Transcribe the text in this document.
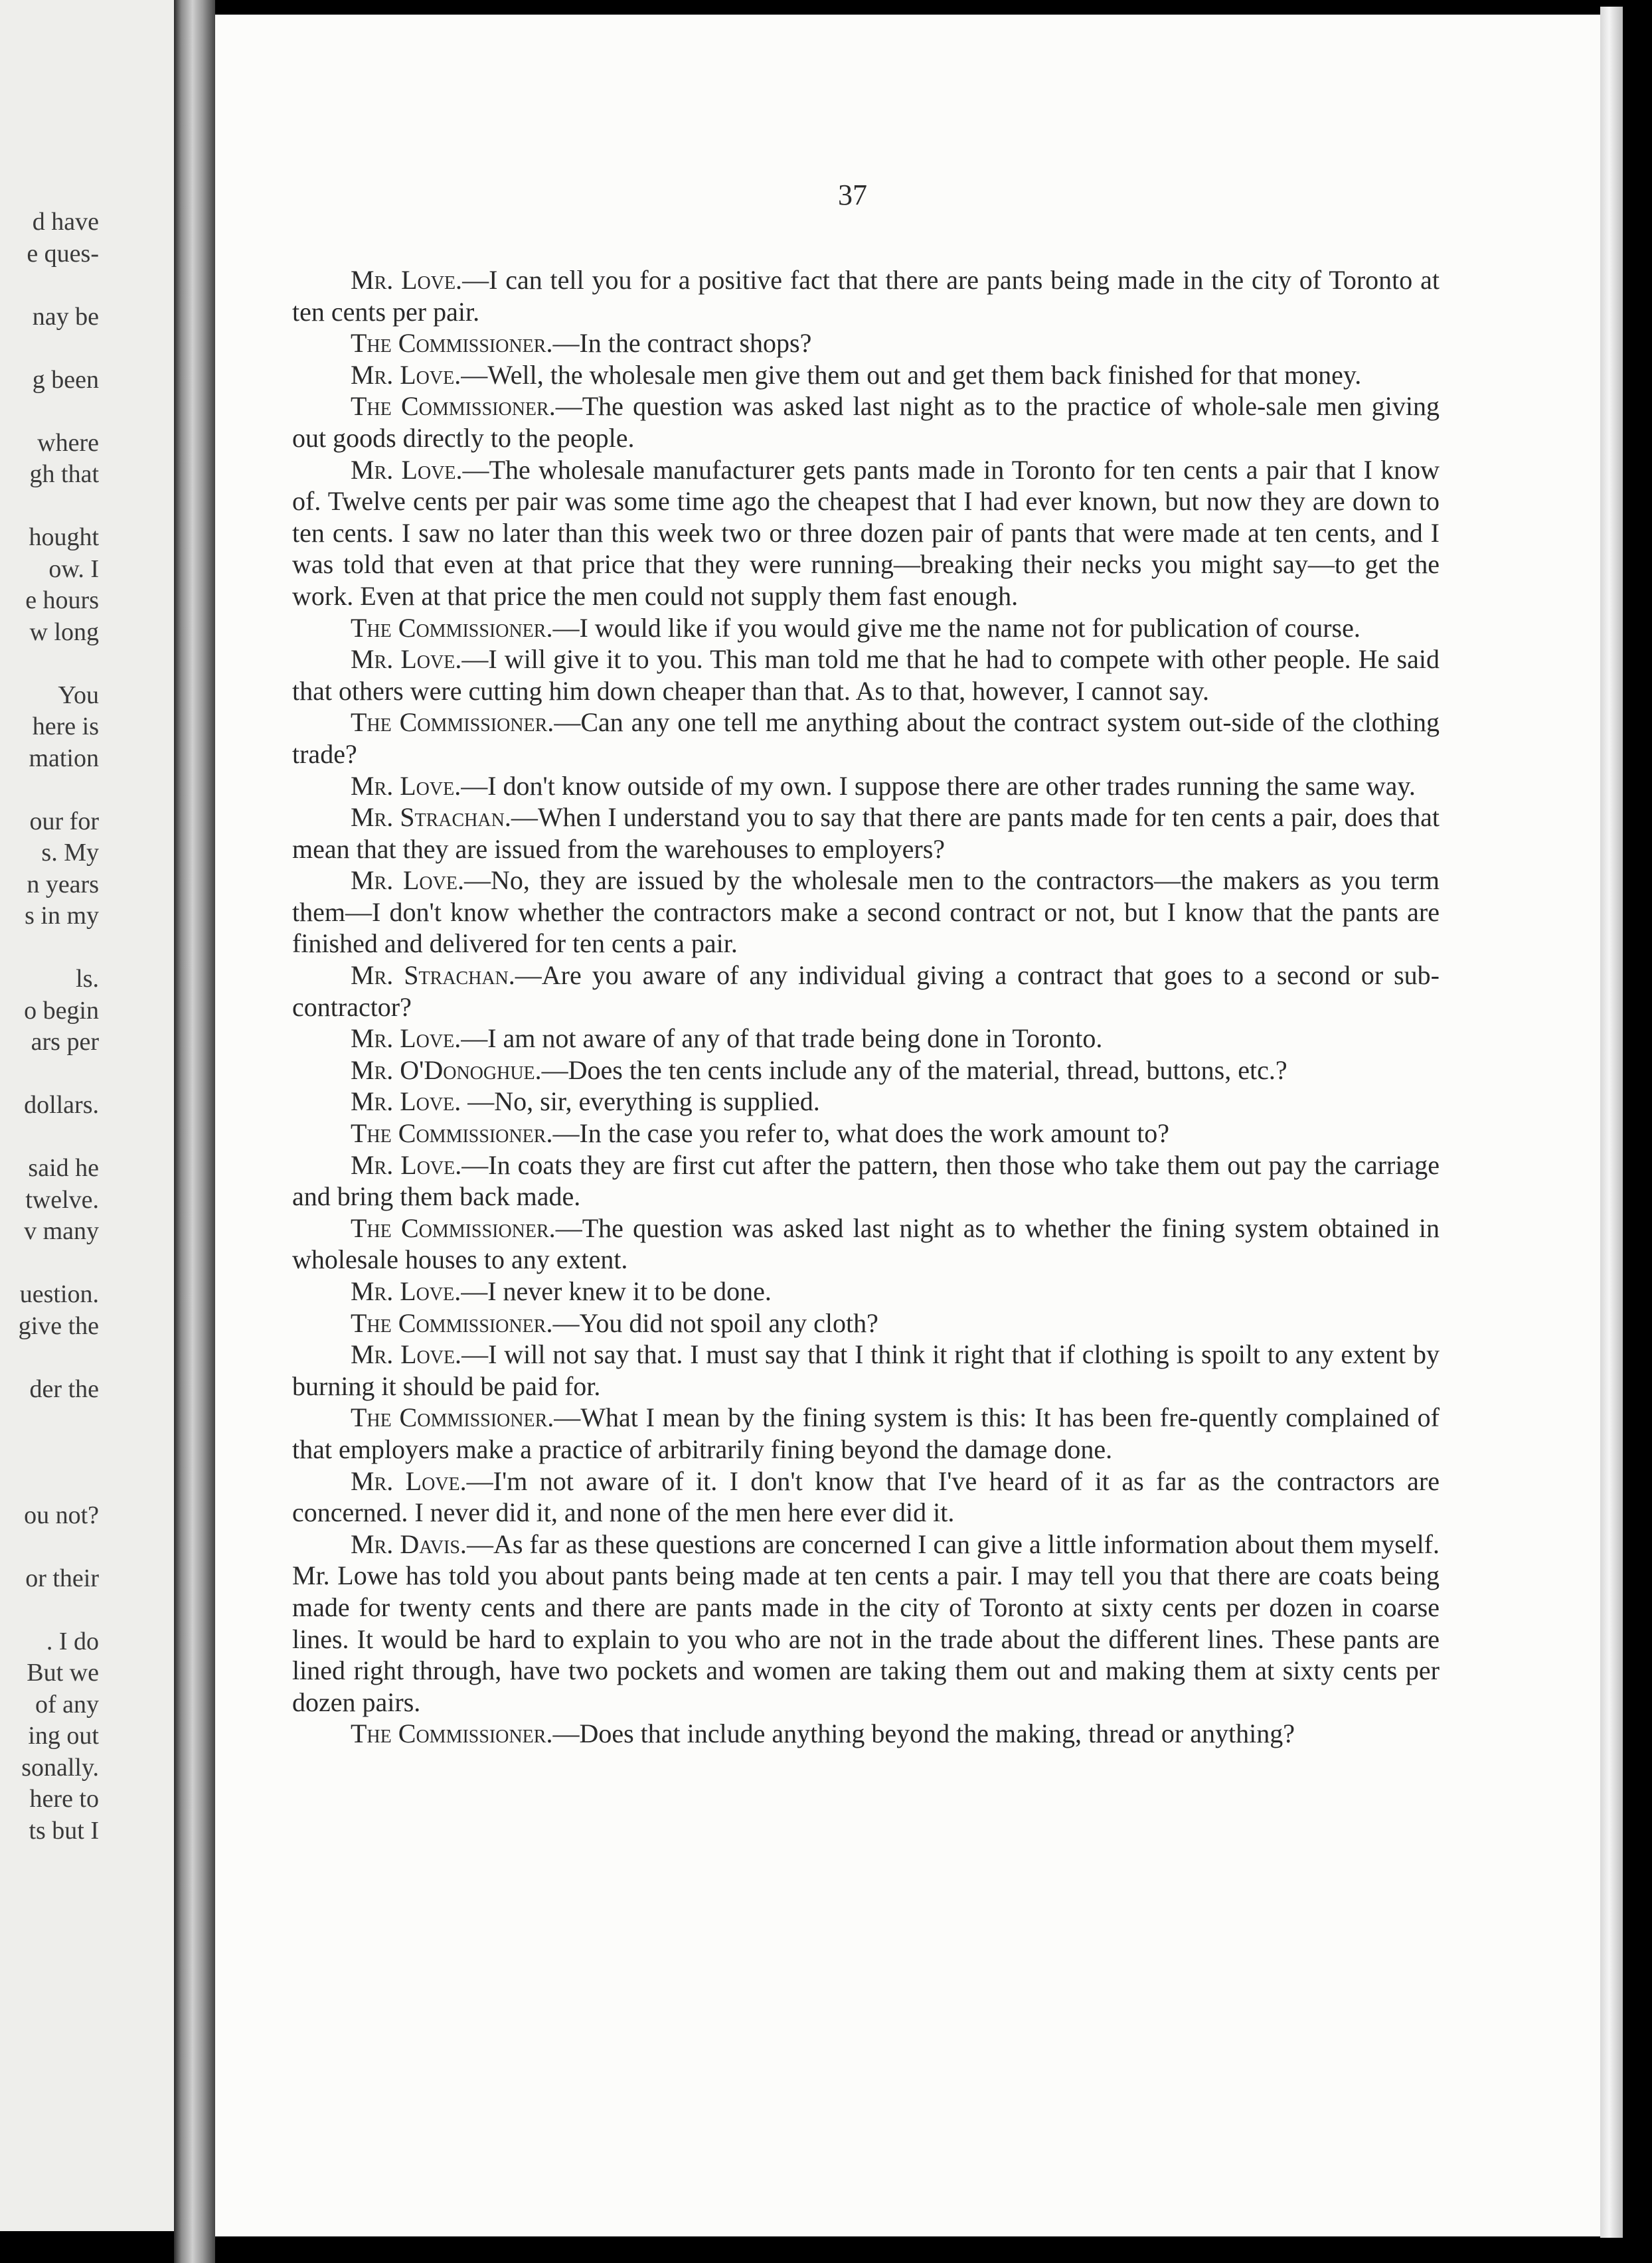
d have
e ques-
nay be
g been
where
gh that
hought
ow. I
e hours
w long
You
here is
mation
our for
s. My
n years
s in my
ls.
o begin
ars per
dollars.
said he
twelve.
v many
uestion.
give the
der the
ou not?
or their
. I do
But we
of any
ing out
sonally.
here to
ts but I
37

Mr. Love.—I can tell you for a positive fact that there are pants being made in the city of Toronto at ten cents per pair.

The Commissioner.—In the contract shops?

Mr. Love.—Well, the wholesale men give them out and get them back finished for that money.

The Commissioner.—The question was asked last night as to the practice of whole-sale men giving out goods directly to the people.

Mr. Love.—The wholesale manufacturer gets pants made in Toronto for ten cents a pair that I know of. Twelve cents per pair was some time ago the cheapest that I had ever known, but now they are down to ten cents. I saw no later than this week two or three dozen pair of pants that were made at ten cents, and I was told that even at that price that they were running—breaking their necks you might say—to get the work. Even at that price the men could not supply them fast enough.

The Commissioner.—I would like if you would give me the name not for publication of course.

Mr. Love.—I will give it to you. This man told me that he had to compete with other people. He said that others were cutting him down cheaper than that. As to that, however, I cannot say.

The Commissioner.—Can any one tell me anything about the contract system out-side of the clothing trade?

Mr. Love.—I don't know outside of my own. I suppose there are other trades running the same way.

Mr. Strachan.—When I understand you to say that there are pants made for ten cents a pair, does that mean that they are issued from the warehouses to employers?

Mr. Love.—No, they are issued by the wholesale men to the contractors—the makers as you term them—I don't know whether the contractors make a second contract or not, but I know that the pants are finished and delivered for ten cents a pair.

Mr. Strachan.—Are you aware of any individual giving a contract that goes to a second or sub-contractor?

Mr. Love.—I am not aware of any of that trade being done in Toronto.

Mr. O'Donoghue.—Does the ten cents include any of the material, thread, buttons, etc.?

Mr. Love. —No, sir, everything is supplied.

The Commissioner.—In the case you refer to, what does the work amount to?

Mr. Love.—In coats they are first cut after the pattern, then those who take them out pay the carriage and bring them back made.

The Commissioner.—The question was asked last night as to whether the fining system obtained in wholesale houses to any extent.

Mr. Love.—I never knew it to be done.

The Commissioner.—You did not spoil any cloth?

Mr. Love.—I will not say that. I must say that I think it right that if clothing is spoilt to any extent by burning it should be paid for.

The Commissioner.—What I mean by the fining system is this: It has been fre-quently complained of that employers make a practice of arbitrarily fining beyond the damage done.

Mr. Love.—I'm not aware of it. I don't know that I've heard of it as far as the contractors are concerned. I never did it, and none of the men here ever did it.

Mr. Davis.—As far as these questions are concerned I can give a little information about them myself. Mr. Lowe has told you about pants being made at ten cents a pair. I may tell you that there are coats being made for twenty cents and there are pants made in the city of Toronto at sixty cents per dozen in coarse lines. It would be hard to explain to you who are not in the trade about the different lines. These pants are lined right through, have two pockets and women are taking them out and making them at sixty cents per dozen pairs.

The Commissioner.—Does that include anything beyond the making, thread or anything?
